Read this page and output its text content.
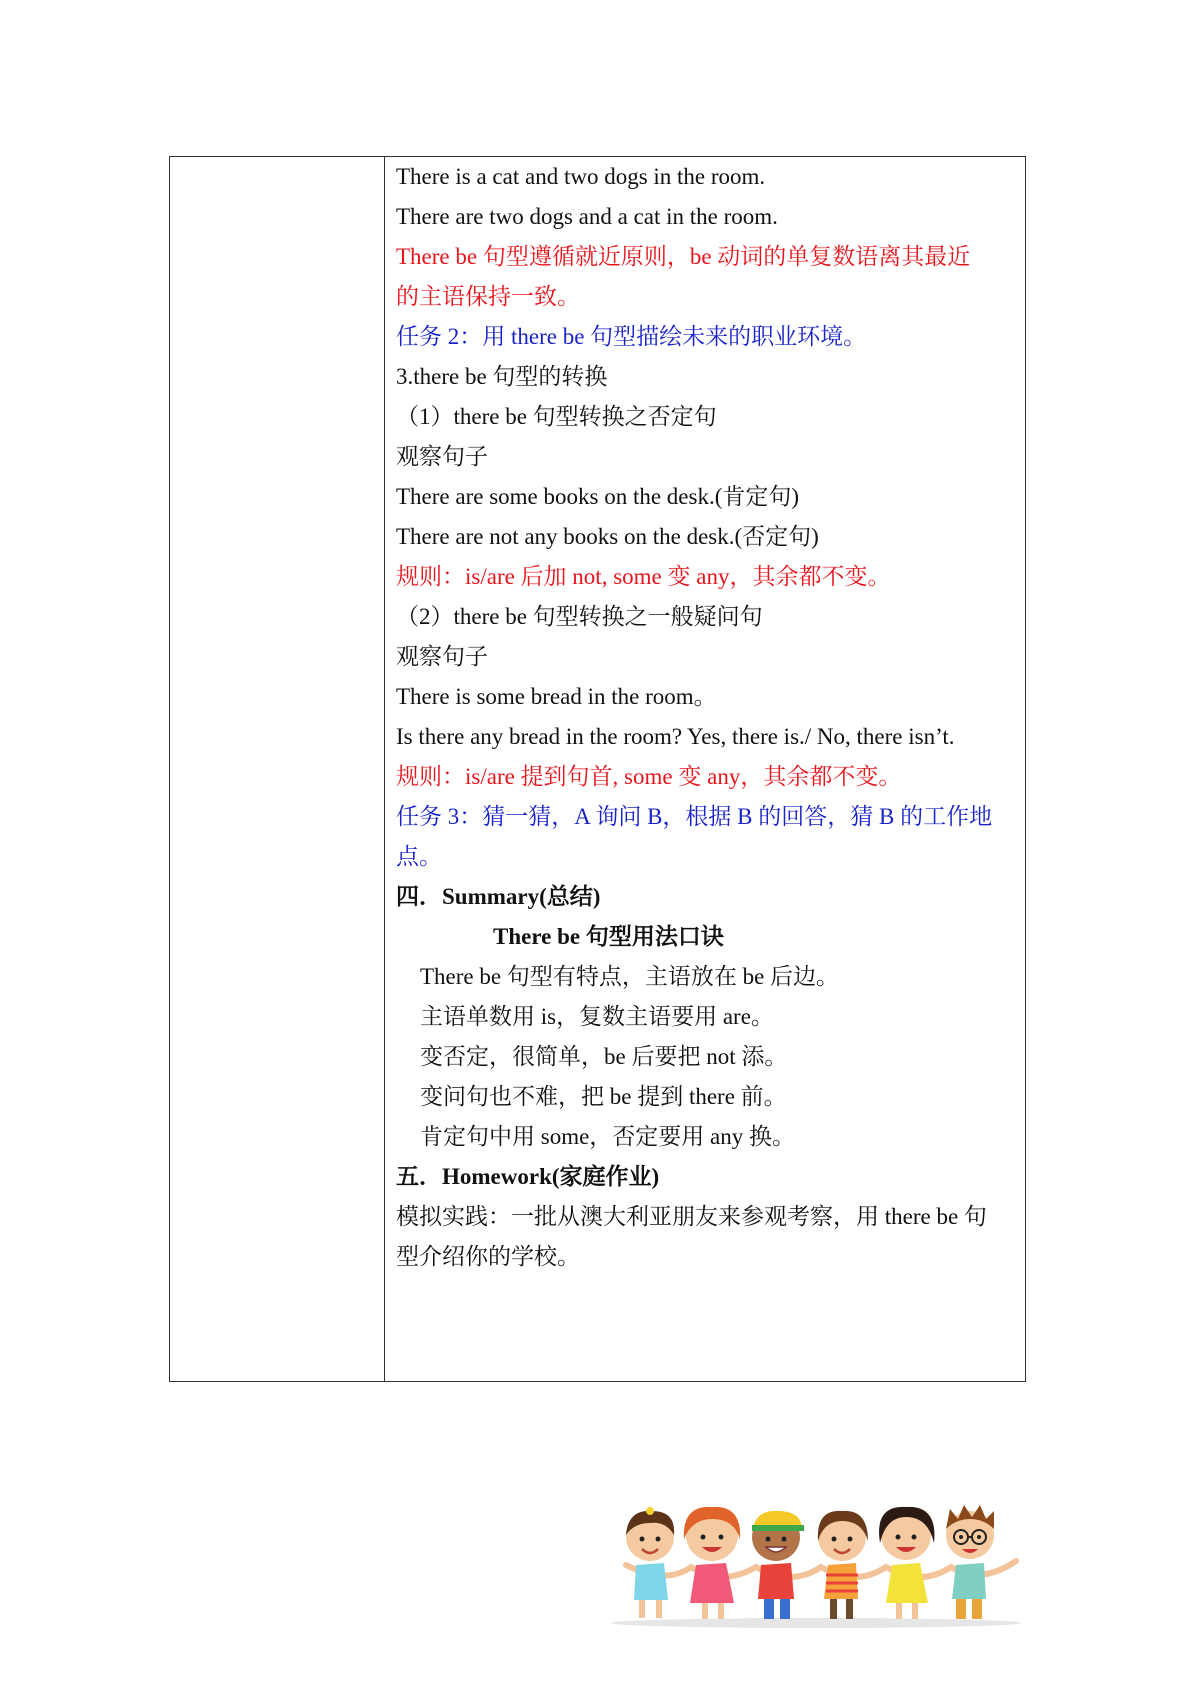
There is a cat and two dogs in the room.
There are two dogs and a cat in the room.
There be 句型遵循就近原则，be 动词的单复数语离其最近
的主语保持一致。
任务 2：用 there be 句型描绘未来的职业环境。
3.there be 句型的转换
（1）there be 句型转换之否定句
观察句子
There are some books on the desk.(肯定句)
There are not any books on the desk.(否定句)
规则：is/are 后加 not, some 变 any，其余都不变。
（2）there be 句型转换之一般疑问句
观察句子
There is some bread in the room。
Is there any bread in the room? Yes, there is./ No, there isn’t.
规则：is/are 提到句首, some 变 any，其余都不变。
任务 3：猜一猜，A 询问 B，根据 B 的回答，猜 B 的工作地
点。
四．Summary(总结)
There be 句型用法口诀
There be 句型有特点，主语放在 be 后边。
主语单数用 is，复数主语要用 are。
变否定，很简单，be 后要把 not 添。
变问句也不难，把 be 提到 there 前。
肯定句中用 some，否定要用 any 换。
五．Homework(家庭作业)
模拟实践：一批从澳大利亚朋友来参观考察，用 there be 句
型介绍你的学校。
